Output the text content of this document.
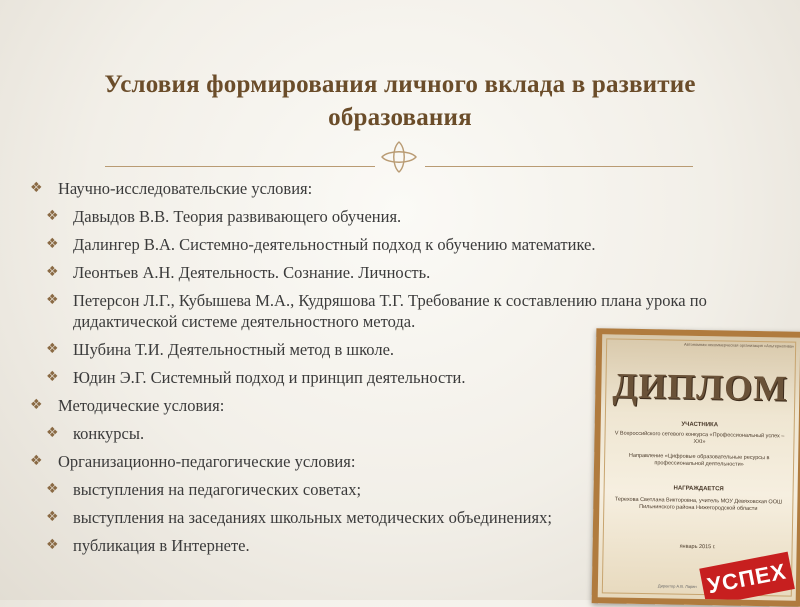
Условия формирования личного вклада в развитие образования
❖ Научно-исследовательские условия:
❖ Давыдов В.В. Теория развивающего обучения.
❖ Далингер В.А. Системно-деятельностный подход к обучению математике.
❖ Леонтьев А.Н. Деятельность. Сознание. Личность.
❖ Петерсон Л.Г., Кубышева М.А., Кудряшова Т.Г. Требование к составлению плана урока по дидактической системе деятельностного метода.
❖ Шубина Т.И. Деятельностный метод в школе.
❖ Юдин Э.Г. Системный подход и принцип деятельности.
❖ Методические условия:
❖ конкурсы.
❖ Организационно-педагогические условия:
❖ выступления на педагогических советах;
❖ выступления на заседаниях школьных методических объединениях;
❖ публикация в Интернете.
Автономная некоммерческая организация «Альтернатива»
ДИПЛОМ
УЧАСТНИКА
V Всероссийского сетевого конкурса «Профессиональный успех – XXI»
Направление «Цифровые образовательные ресурсы в профессиональной деятельности»
НАГРАЖДАЕТСЯ
Терехова Светлана Викторовна, учитель МОУ Девяховская ООШ Пильнинского района Нижегородской области
январь 2015 г.
Директор А.В. Ларин УСПЕХ
